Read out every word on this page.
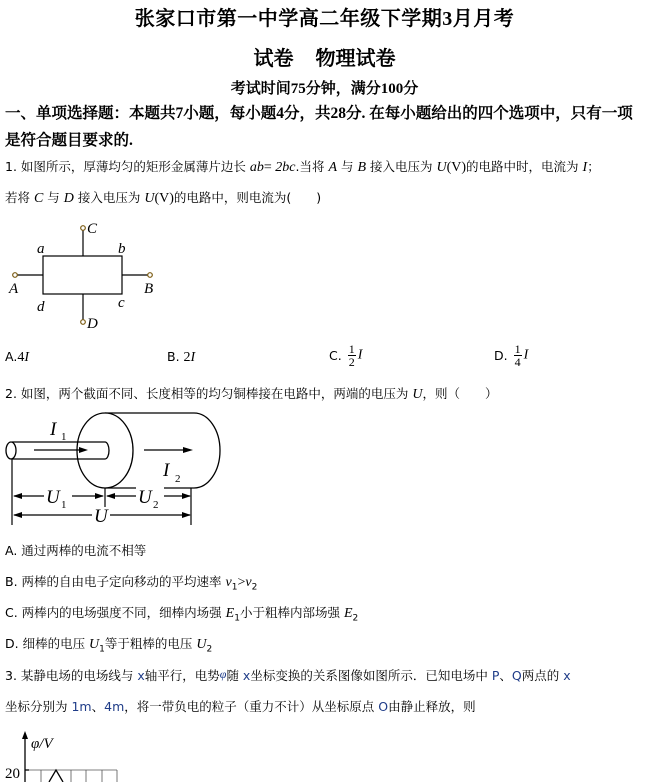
张家口市第一中学高二年级下学期3月月考
试卷 物理试卷
考试时间75分钟，满分100分
一、单项选择题：本题共7小题，每小题4分，共28分. 在每小题给出的四个选项中，只有一项是符合题目要求的.
1. 如图所示，厚薄均匀的矩形金属薄片边长 ab= 2bc.当将 A 与 B 接入电压为 U(V)的电路中时，电流为 I；
若将 C 与 D 接入电压为 U(V)的电路中，则电流为(　　)
C
D
a	b
d	c
A	B
A.4I	B. 2I	C. $\frac{1}{2}$ I	D. $\frac{1}{4}$ I
2. 如图，两个截面不同、长度相等的均匀铜棒接在电路中，两端的电压为 U，则（　　）
I 1
I 2
U 1	U 2
U
A. 通过两棒的电流不相等
B. 两棒的自由电子定向移动的平均速率 $v_1>v_2$
C. 两棒内的电场强度不同，细棒内场强 $E_1$小于粗棒内部场强 $E_2$
D. 细棒的电压 $U_1$等于粗棒的电压 $U_2$
3. 某静电场的电场线与 x轴平行，电势φ随 x坐标变换的关系图像如图所示．已知电场中 P、Q两点的 x
坐标分别为 1m、4m，将一带负电的粒子（重力不计）从坐标原点 O由静止释放，则
φ/V
20
